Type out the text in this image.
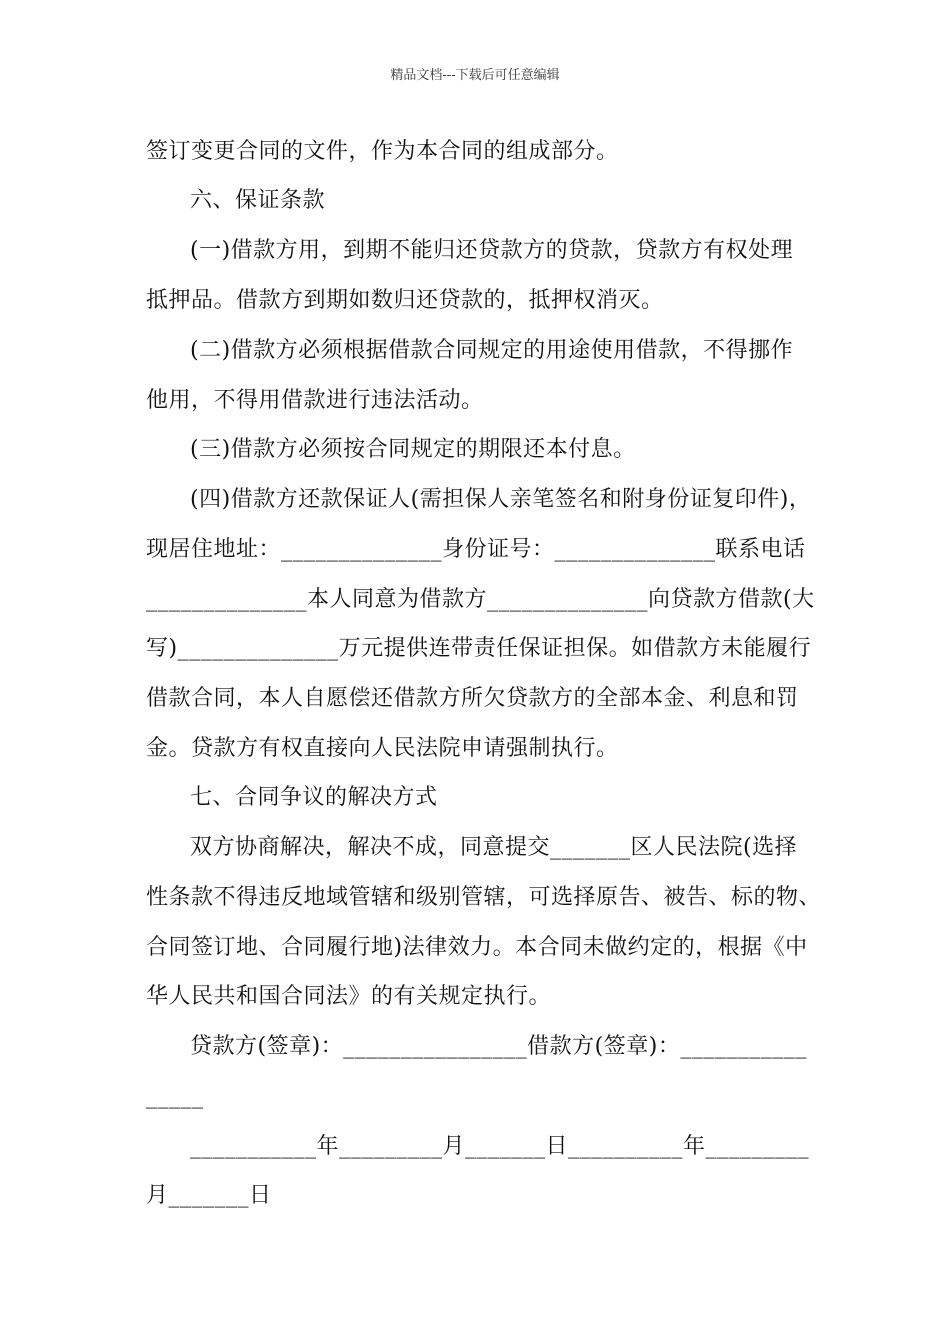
精品文档---下载后可任意编辑
签订变更合同的文件，作为本合同的组成部分。
六、保证条款
(一)借款方用，到期不能归还贷款方的贷款，贷款方有权处理
抵押品。借款方到期如数归还贷款的，抵押权消灭。
(二)借款方必须根据借款合同规定的用途使用借款，不得挪作
他用，不得用借款进行违法活动。
(三)借款方必须按合同规定的期限还本付息。
(四)借款方还款保证人(需担保人亲笔签名和附身份证复印件)，
现居住地址：______________身份证号：______________联系电话
______________本人同意为借款方______________向贷款方借款(大
写)______________万元提供连带责任保证担保。如借款方未能履行
借款合同，本人自愿偿还借款方所欠贷款方的全部本金、利息和罚
金。贷款方有权直接向人民法院申请强制执行。
七、合同争议的解决方式
双方协商解决，解决不成，同意提交_______区人民法院(选择
性条款不得违反地域管辖和级别管辖，可选择原告、被告、标的物、
合同签订地、合同履行地)法律效力。本合同未做约定的，根据《中
华人民共和国合同法》的有关规定执行。
贷款方(签章)：________________借款方(签章)：___________
_____
___________年_________月_______日__________年_________
月_______日
